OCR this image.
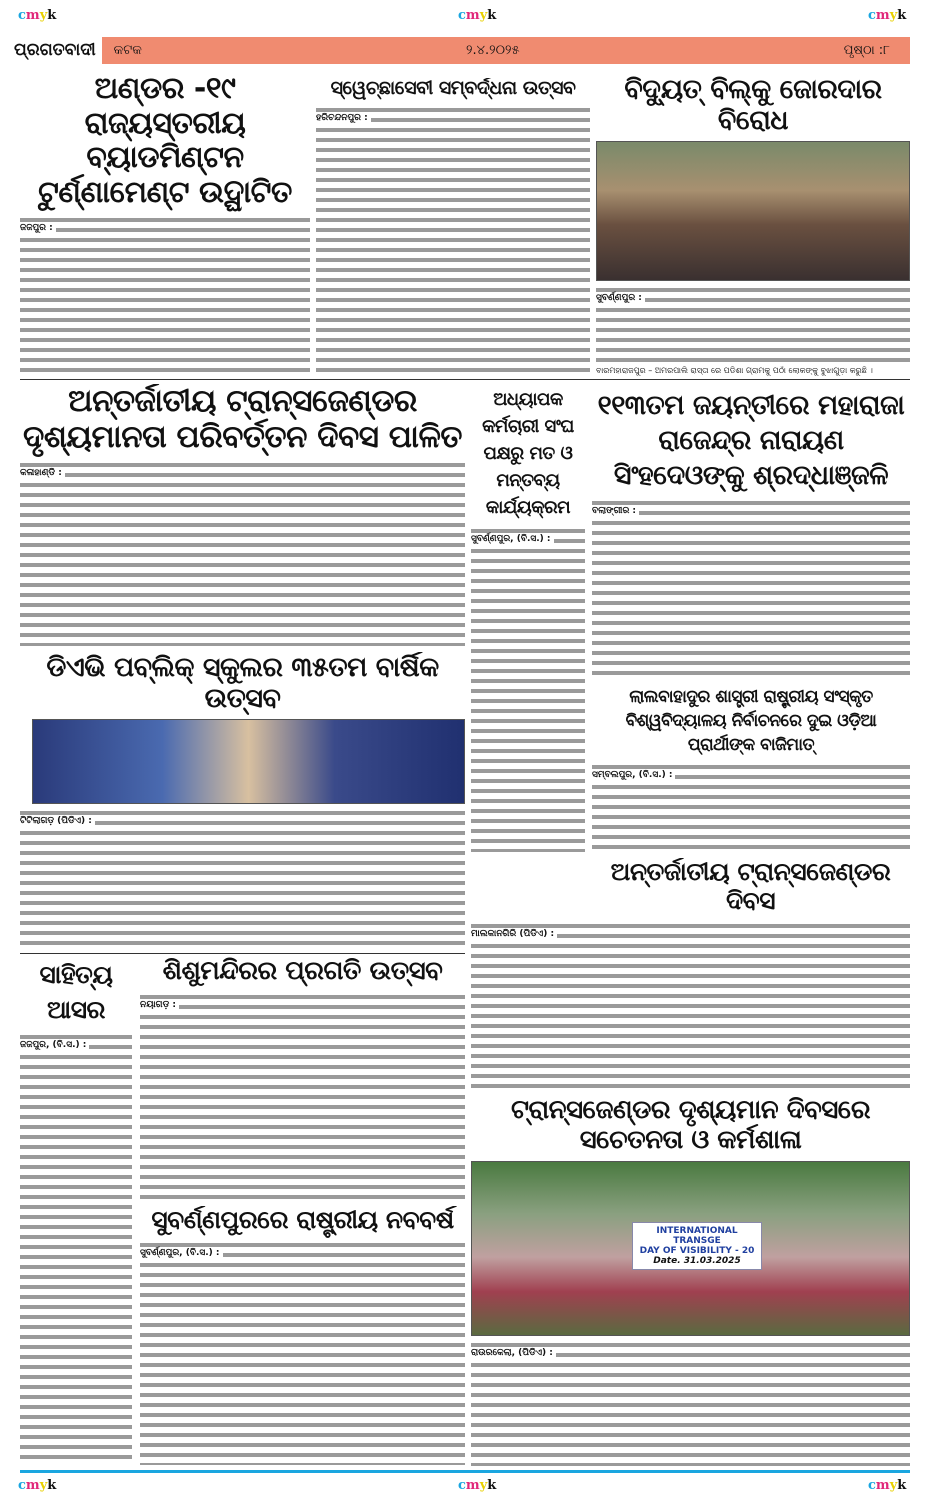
cmyk	cmyk	cmyk
ପ୍ରଗତବାଦୀ କଟକ	୨.୪.୨୦୨୫	ପୃଷ୍ଠା :୮
ଅଣ୍ଡର -୧୯ ରାଜ୍ୟସ୍ତରୀୟ ବ୍ୟାଡମିଣ୍ଟନ ଟୁର୍ଣ୍ଣାମେଣ୍ଟ ଉଦ୍ଘାଟିତ
ଜଜପୁର :
ସ୍ୱେଚ୍ଛାସେବୀ ସମ୍ବର୍ଦ୍ଧନା ଉତ୍ସବ
ହରିଚନ୍ଦନପୁର :
ବିଦ୍ୟୁତ୍ ବିଲ୍‌କୁ ଜୋରଦାର ବିରୋଧ
ସୁବର୍ଣ୍ଣପୁର :
ବାରମହାରାଜପୁର – ଅମରପାଲି ରାସ୍ତା ରେ ପଡିଶା ଗ୍ରାମକୁ ପଠାଁ ଲୋକଙ୍କୁ ବୁଝାଗୁଡ଼ା କରୁଛି ।
ଅନ୍ତର୍ଜାତୀୟ ଟ୍ରାନ୍ସଜେଣ୍ଡର ଦୃଶ୍ୟମାନତା ପରିବର୍ତ୍ତନ ଦିବସ ପାଳିତ
କଳାହାଣ୍ଡି :
ଅଧ୍ୟାପକ କର୍ମଚାରୀ ସଂଘ ପକ୍ଷରୁ ମତ ଓ ମନ୍ତବ୍ୟ କାର୍ଯ୍ୟକ୍ରମ
ସୁବର୍ଣ୍ଣପୁର, (ବି.ସ.) :
୧୧୩ତମ ଜୟନ୍ତୀରେ ମହାରାଜା ରାଜେନ୍ଦ୍ର ନାରାୟଣ ସିଂହଦେଓଙ୍କୁ ଶ୍ରଦ୍ଧାଞ୍ଜଳି
ବଲାଙ୍ଗୀର :
ଡିଏଭି ପବ୍ଲିକ୍ ସ୍କୁଲର ୩୫ତମ ବାର୍ଷିକ ଉତ୍ସବ
ଟିଟିଲାଗଡ଼ (ପିଡିଏ) :
ଲାଲବାହାଦୁର ଶାସ୍ତ୍ରୀ ରାଷ୍ଟ୍ରୀୟ ସଂସ୍କୃତ ବିଶ୍ୱବିଦ୍ୟାଳୟ ନିର୍ବାଚନରେ ଦୁଇ ଓଡ଼ିଆ ପ୍ରାର୍ଥୀଙ୍କ ବାଜିମାତ୍
ସମ୍ବଲପୁର, (ବି.ସ.) :
ଅନ୍ତର୍ଜାତୀୟ ଟ୍ରାନ୍ସଜେଣ୍ଡର ଦିବସ
ମାଲକାନଗିରି (ପିଡିଏ) :
ସାହିତ୍ୟ ଆସର
ଜଜପୁର, (ବି.ସ.) :
ଶିଶୁମନ୍ଦିରର ପ୍ରଗତି ଉତ୍ସବ
ନୟାଗଡ଼ :
ଟ୍ରାନ୍ସଜେଣ୍ଡର ଦୃଶ୍ୟମାନ ଦିବସରେ ସଚେତନତା ଓ କର୍ମଶାଳା
INTERNATIONAL TRANSGE
DAY OF VISIBILITY - 20
Date. 31.03.2025
ରାଉରକେଲା, (ପିଡିଏ) :
ସୁବର୍ଣ୍ଣପୁରରେ ରାଷ୍ଟ୍ରୀୟ ନବବର୍ଷ
ସୁବର୍ଣ୍ଣପୁର, (ବି.ସ.) :
cmyk	cmyk	cmyk
